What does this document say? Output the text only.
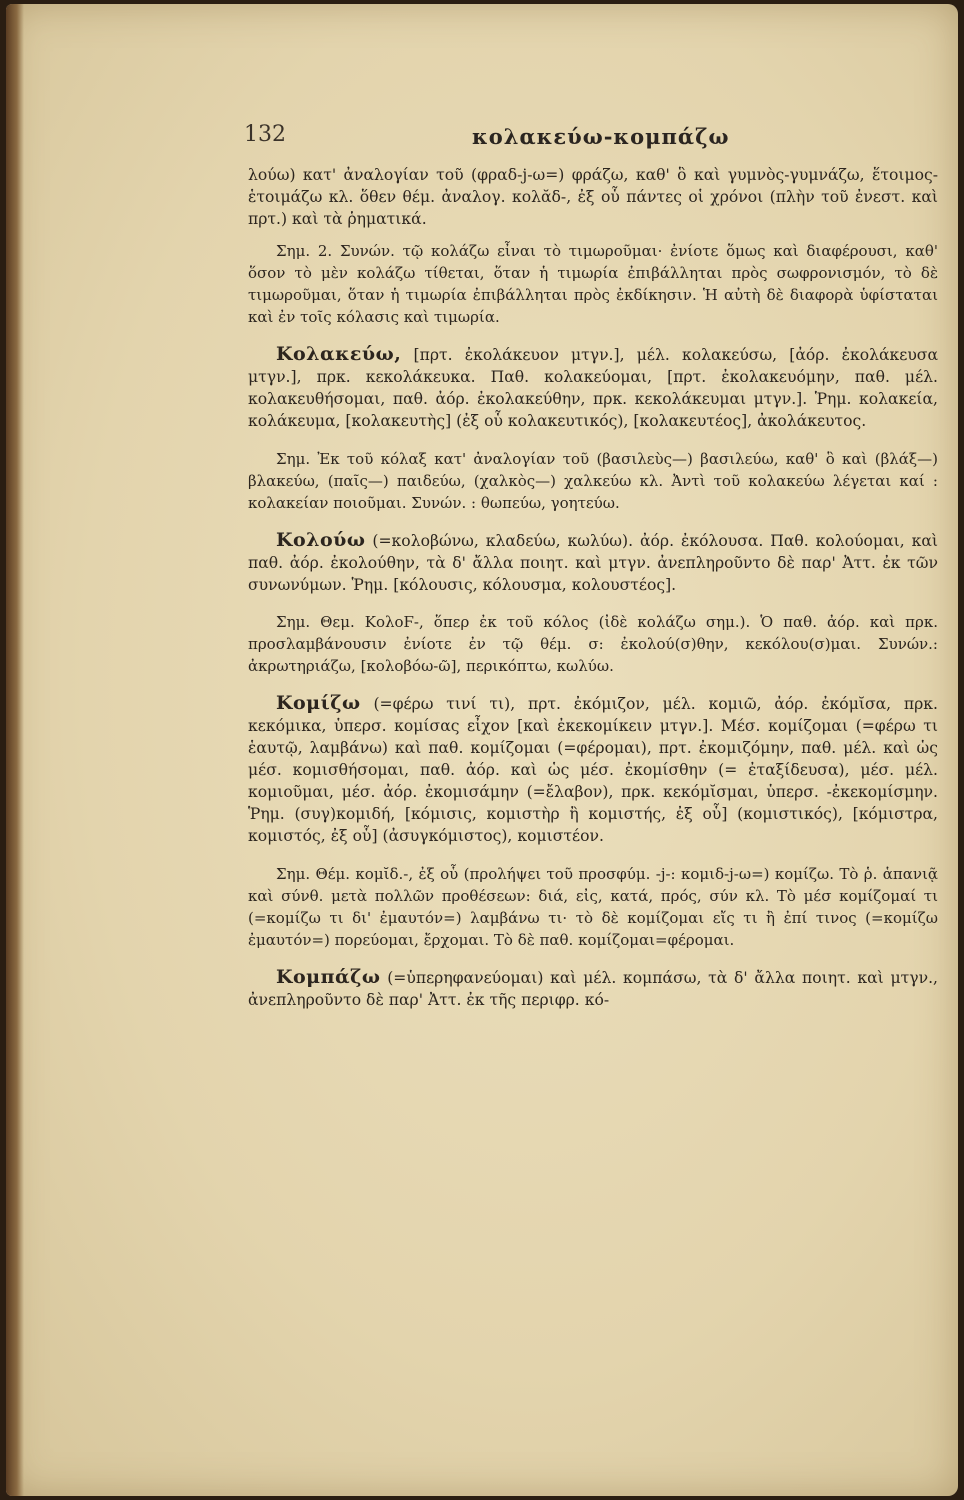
132	κολακεύω-κομπάζω

λούω) κατ' ἀναλογίαν τοῦ (φραδ-j-ω=) φράζω, καθ' ὃ καὶ γυμνὸς-γυμνάζω, ἕτοιμος-ἑτοιμάζω κλ. ὅθεν θέμ. ἀναλογ. κολᾰδ-, ἐξ οὗ πάντες οἱ χρόνοι (πλὴν τοῦ ἐνεστ. καὶ πρτ.) καὶ τὰ ῥηματικά.

Σημ. 2. Συνών. τῷ κολάζω εἶναι τὸ τιμωροῦμαι· ἐνίοτε ὅμως καὶ διαφέρουσι, καθ' ὅσον τὸ μὲν κολάζω τίθεται, ὅταν ἡ τιμωρία ἐπιβάλληται πρὸς σωφρονισμόν, τὸ δὲ τιμωροῦμαι, ὅταν ἡ τιμωρία ἐπιβάλληται πρὸς ἐκδίκησιν. Ἡ αὐτὴ δὲ διαφορὰ ὑφίσταται καὶ ἐν τοῖς κόλασις καὶ τιμωρία.

Κολακεύω, [πρτ. ἐκολάκευον μτγν.], μέλ. κολακεύσω, [ἀόρ. ἐκολάκευσα μτγν.], πρκ. κεκολάκευκα. Παθ. κολακεύομαι, [πρτ. ἐκολακευόμην, παθ. μέλ. κολακευθήσομαι, παθ. ἀόρ. ἐκολακεύθην, πρκ. κεκολάκευμαι μτγν.]. Ῥημ. κολακεία, κολάκευμα, [κολακευτὴς] (ἐξ οὗ κολακευτικός), [κολακευτέος], ἀκολάκευτος.

Σημ. Ἐκ τοῦ κόλαξ κατ' ἀναλογίαν τοῦ (βασιλεὺς—) βασιλεύω, καθ' ὃ καὶ (βλάξ—) βλακεύω, (παῖς—) παιδεύω, (χαλκὸς—) χαλκεύω κλ. Ἀντὶ τοῦ κολακεύω λέγεται καί : κολακείαν ποιοῦμαι. Συνών. : θωπεύω, γοητεύω.

Κολούω (=κολοβώνω, κλαδεύω, κωλύω). ἀόρ. ἐκόλουσα. Παθ. κολούομαι, καὶ παθ. ἀόρ. ἐκολούθην, τὰ δ' ἄλλα ποιητ. καὶ μτγν. ἀνεπληροῦντο δὲ παρ' Ἀττ. ἐκ τῶν συνωνύμων. Ῥημ. [κόλουσις, κόλουσμα, κολουστέος].

Σημ. Θεμ. ΚολοϜ-, ὅπερ ἐκ τοῦ κόλος (ἰδὲ κολάζω σημ.). Ὁ παθ. ἀόρ. καὶ πρκ. προσλαμβάνουσιν ἐνίοτε ἐν τῷ θέμ. σ: ἐκολού(σ)θην, κεκόλου(σ)μαι. Συνών.: ἀκρωτηριάζω, [κολοβόω-ῶ], περικόπτω, κωλύω.

Κομίζω (=φέρω τινί τι), πρτ. ἐκόμιζον, μέλ. κομιῶ, ἀόρ. ἐκόμῐσα, πρκ. κεκόμικα, ὑπερσ. κομίσας εἶχον [καὶ ἐκεκομίκειν μτγν.]. Μέσ. κομίζομαι (=φέρω τι ἑαυτῷ, λαμβάνω) καὶ παθ. κομίζομαι (=φέρομαι), πρτ. ἐκομιζόμην, παθ. μέλ. καὶ ὡς μέσ. κομισθήσομαι, παθ. ἀόρ. καὶ ὡς μέσ. ἐκομίσθην (= ἐταξίδευσα), μέσ. μέλ. κομιοῦμαι, μέσ. ἀόρ. ἐκομισάμην (=ἔλαβον), πρκ. κεκόμῐσμαι, ὑπερσ. -ἐκεκομίσμην. Ῥημ. (συγ)κομιδή, [κόμισις, κομιστὴρ ἢ κομιστής, ἐξ οὗ] (κομιστικός), [κόμιστρα, κομιστός, ἐξ οὗ] (ἀσυγκόμιστος), κομιστέον.

Σημ. Θέμ. κομῐδ.-, ἐξ οὗ (προλήψει τοῦ προσφύμ. -j-: κομιδ-j-ω=) κομίζω. Τὸ ῥ. ἁπανιᾷ καὶ σύνθ. μετὰ πολλῶν προθέσεων: διά, εἰς, κατά, πρός, σύν κλ. Τὸ μέσ κομίζομαί τι (=κομίζω τι δι' ἐμαυτόν=) λαμβάνω τι· τὸ δὲ κομίζομαι εἴς τι ἢ ἐπί τινος (=κομίζω ἐμαυτόν=) πορεύομαι, ἔρχομαι. Τὸ δὲ παθ. κομίζομαι=φέρομαι.

Κομπάζω (=ὑπερηφανεύομαι) καὶ μέλ. κομπάσω, τὰ δ' ἄλλα ποιητ. καὶ μτγν., ἀνεπληροῦντο δὲ παρ' Ἀττ. ἐκ τῆς περιφρ. κό-
